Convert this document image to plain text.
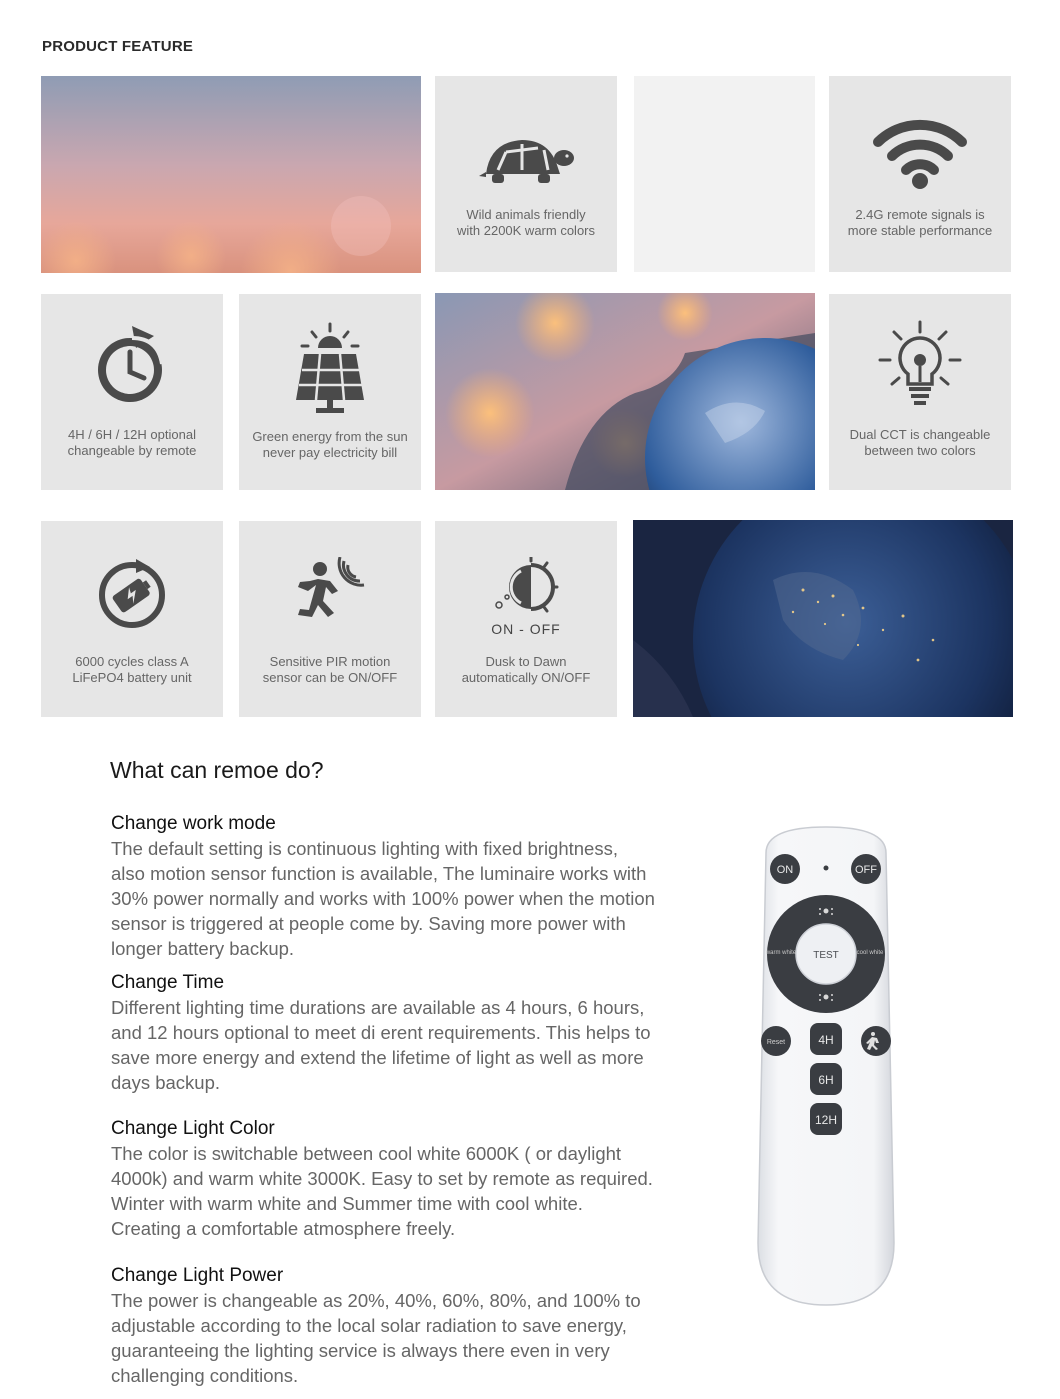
PRODUCT FEATURE
Wild animals friendly
with 2200K warm colors
2.4G remote signals is
more stable performance
4H / 6H / 12H optional
changeable by remote
Green energy from the sun
never pay electricity bill
Dual CCT is changeable
between two colors
6000 cycles class A
LiFePO4 battery unit
Sensitive PIR motion
sensor can be ON/OFF
ON - OFF
Dusk to Dawn
automatically ON/OFF
What can remoe do?
Change work mode

The default setting is continuous lighting with fixed brightness, also motion sensor function is available, The luminaire works with 30% power normally and works with 100% power when the motion sensor is triggered at people come by. Saving more power with longer battery backup.

Change Time

Different lighting time durations are available as 4 hours, 6 hours, and 12 hours optional to meet di erent requirements. This helps to save more energy and extend the lifetime of light as well as more days backup.

Change Light Color

The color is switchable between cool white 6000K ( or daylight 4000k) and warm white 3000K. Easy to set by remote as required. Winter with warm white and Summer time with cool white. Creating a comfortable atmosphere freely.

Change Light Power

The power is changeable as 20%, 40%, 60%, 80%, and 100% to adjustable according to the local solar radiation to save energy, guaranteeing the lighting service is always there even in very challenging conditions.

ON	OFF
TEST
warm white	cool white
Reset	4H
6H
12H
